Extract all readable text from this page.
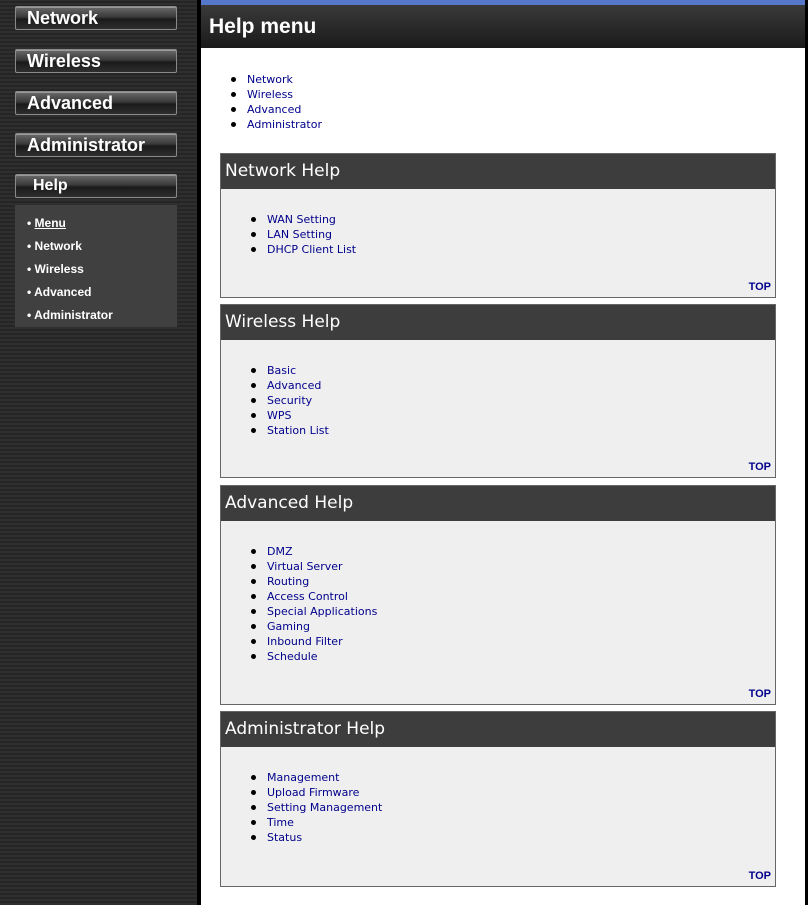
Network
Wireless
Advanced
Administrator
Help
• Menu
• Network
• Wireless
• Advanced
• Administrator
Help menu
Network
Wireless
Advanced
Administrator
Network Help
WAN Setting
LAN Setting
DHCP Client List
TOP
Wireless Help
Basic
Advanced
Security
WPS
Station List
TOP
Advanced Help
DMZ
Virtual Server
Routing
Access Control
Special Applications
Gaming
Inbound Filter
Schedule
TOP
Administrator Help
Management
Upload Firmware
Setting Management
Time
Status
TOP
